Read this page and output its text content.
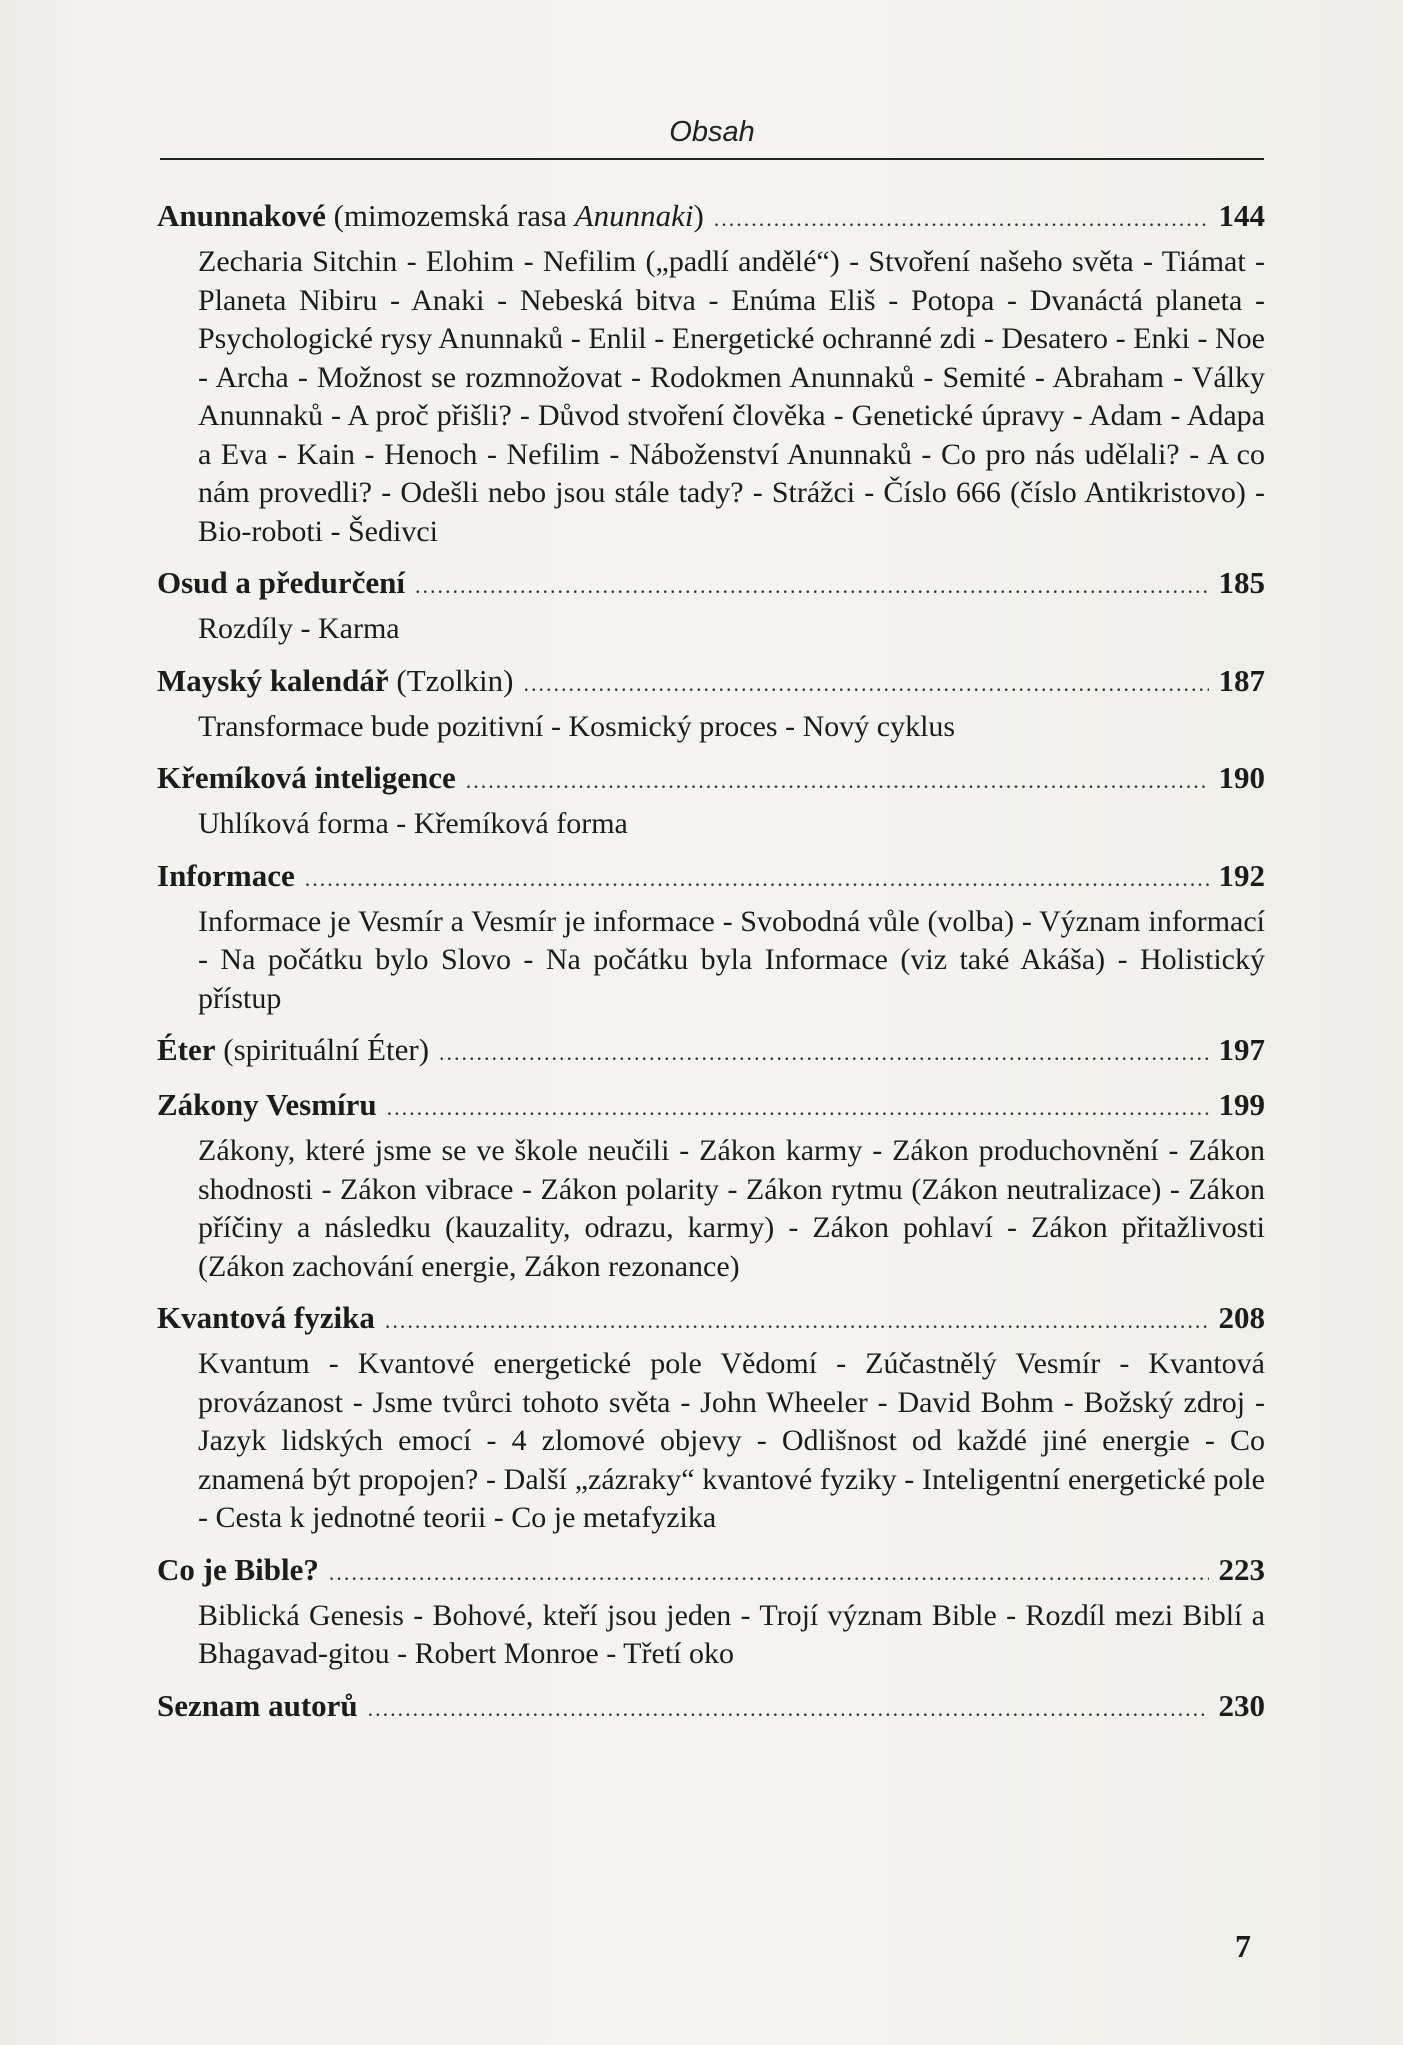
Obsah
Anunnakové (mimozemská rasa Anunnaki) .....	144
Zecharia Sitchin - Elohim - Nefilim („padlí andělé“) - Stvoření našeho světa - Tiámat - Planeta Nibiru - Anaki - Nebeská bitva - Enúma Eliš - Potopa - Dvanáctá planeta - Psychologické rysy Anunnaků - Enlil - Energetické ochranné zdi - Desatero - Enki - Noe - Archa - Možnost se rozmnožovat - Rodokmen Anunnaků - Semité - Abraham - Války Anunnaků - A proč přišli? - Důvod stvoření člověka - Genetické úpravy - Adam - Adapa a Eva - Kain - Henoch - Nefilim - Náboženství Anunnaků - Co pro nás udělali? - A co nám provedli? - Odešli nebo jsou stále tady? - Strážci - Číslo 666 (číslo Antikristovo) - Bio-roboti - Šedivci
Osud a předurčení .....	185
Rozdíly - Karma
Mayský kalendář (Tzolkin) .....	187
Transformace bude pozitivní - Kosmický proces - Nový cyklus
Křemíková inteligence .....	190
Uhlíková forma - Křemíková forma
Informace .....	192
Informace je Vesmír a Vesmír je informace - Svobodná vůle (volba) - Význam informací - Na počátku bylo Slovo - Na počátku byla Informace (viz také Akáša) - Holistický přístup
Éter (spirituální Éter) .....	197
Zákony Vesmíru .....	199
Zákony, které jsme se ve škole neučili - Zákon karmy - Zákon produchovnění - Zákon shodnosti - Zákon vibrace - Zákon polarity - Zákon rytmu (Zákon neutralizace) - Zákon příčiny a následku (kauzality, odrazu, karmy) - Zákon pohlaví - Zákon přitažlivosti (Zákon zachování energie, Zákon rezonance)
Kvantová fyzika .....	208
Kvantum - Kvantové energetické pole Vědomí - Zúčastnělý Vesmír - Kvantová provázanost - Jsme tvůrci tohoto světa - John Wheeler - David Bohm - Božský zdroj - Jazyk lidských emocí - 4 zlomové objevy - Odlišnost od každé jiné energie - Co znamená být propojen? - Další „zázraky“ kvantové fyziky - Inteligentní energetické pole - Cesta k jednotné teorii - Co je metafyzika
Co je Bible? .....	223
Biblická Genesis - Bohové, kteří jsou jeden - Trojí význam Bible - Rozdíl mezi Biblí a Bhagavad-gitou - Robert Monroe - Třetí oko
Seznam autorů .....	230
7
